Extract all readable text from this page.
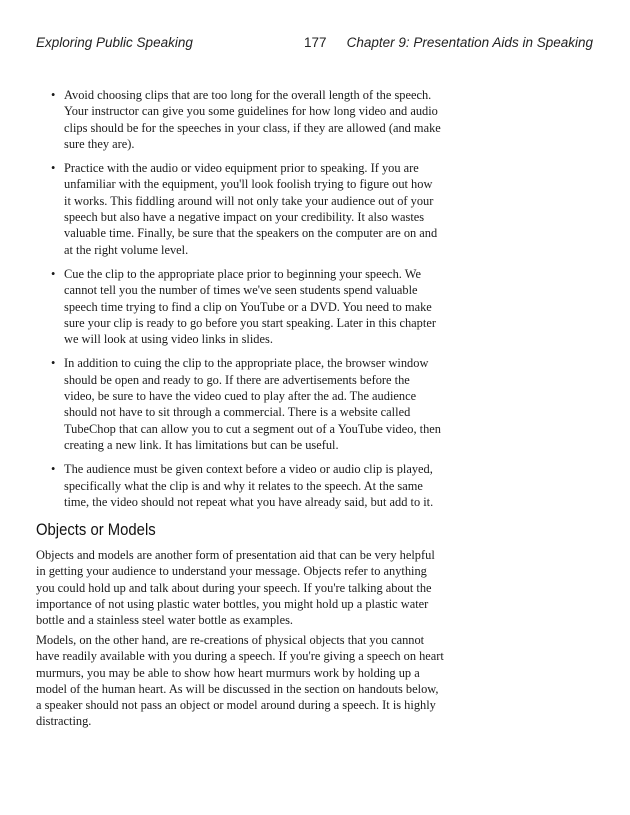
Exploring Public Speaking	177 Chapter 9: Presentation Aids in Speaking
• Avoid choosing clips that are too long for the overall length of the speech. Your instructor can give you some guidelines for how long video and audio clips should be for the speeches in your class, if they are allowed (and make sure they are).
• Practice with the audio or video equipment prior to speaking. If you are unfamiliar with the equipment, you'll look foolish trying to figure out how it works. This fiddling around will not only take your audience out of your speech but also have a negative impact on your credibility. It also wastes valuable time. Finally, be sure that the speakers on the computer are on and at the right volume level.
• Cue the clip to the appropriate place prior to beginning your speech. We cannot tell you the number of times we've seen students spend valuable speech time trying to find a clip on YouTube or a DVD. You need to make sure your clip is ready to go before you start speaking. Later in this chapter we will look at using video links in slides.
• In addition to cuing the clip to the appropriate place, the browser window should be open and ready to go. If there are advertisements before the video, be sure to have the video cued to play after the ad. The audience should not have to sit through a commercial. There is a website called TubeChop that can allow you to cut a segment out of a YouTube video, then creating a new link. It has limitations but can be useful.
• The audience must be given context before a video or audio clip is played, specifically what the clip is and why it relates to the speech. At the same time, the video should not repeat what you have already said, but add to it.
Objects or Models

Objects and models are another form of presentation aid that can be very helpful in getting your audience to understand your message. Objects refer to anything you could hold up and talk about during your speech. If you're talking about the importance of not using plastic water bottles, you might hold up a plastic water bottle and a stainless steel water bottle as examples.

Models, on the other hand, are re-creations of physical objects that you cannot have readily available with you during a speech. If you're giving a speech on heart murmurs, you may be able to show how heart murmurs work by holding up a model of the human heart. As will be discussed in the section on handouts below, a speaker should not pass an object or model around during a speech. It is highly distracting.
